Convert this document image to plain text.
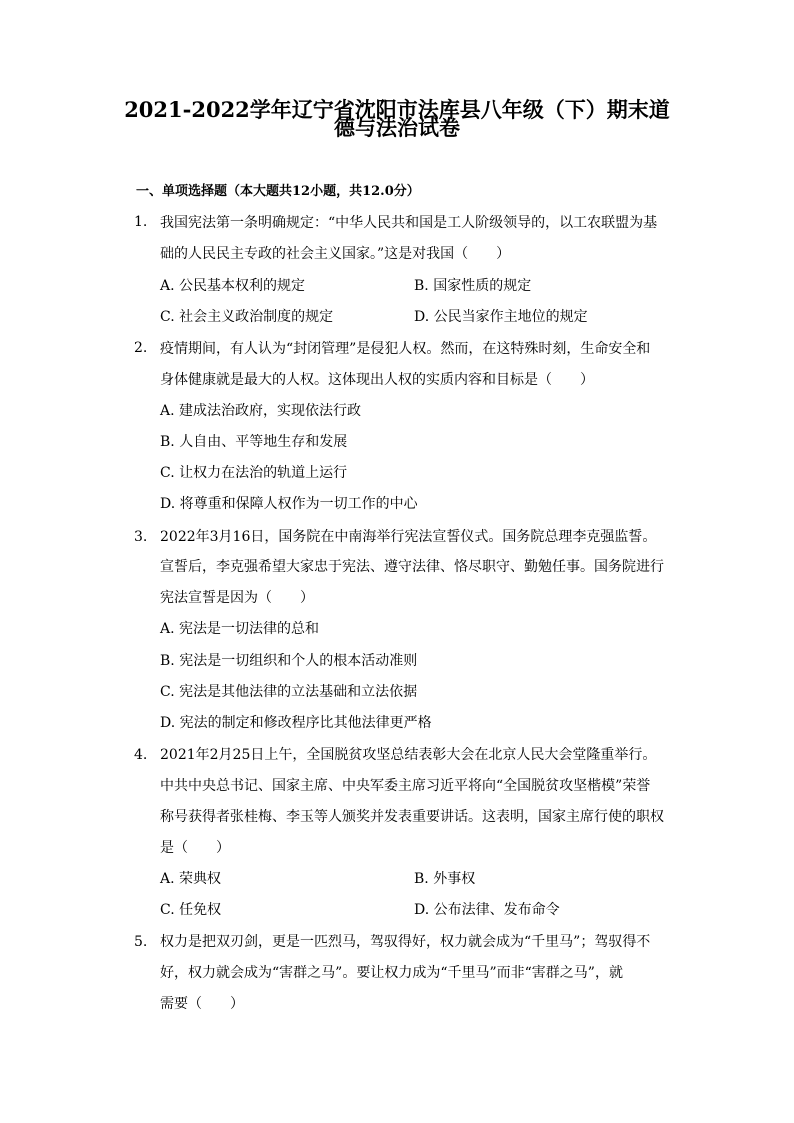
2021-2022学年辽宁省沈阳市法库县八年级（下）期末道
德与法治试卷
一、单项选择题（本大题共12小题，共12.0分）
1. 我国宪法第一条明确规定：“中华人民共和国是工人阶级领导的，以工农联盟为基
础的人民民主专政的社会主义国家。”这是对我国（　　）
A. 公民基本权利的规定	B. 国家性质的规定
C. 社会主义政治制度的规定	D. 公民当家作主地位的规定
2. 疫情期间，有人认为“封闭管理”是侵犯人权。然而，在这特殊时刻，生命安全和
身体健康就是最大的人权。这体现出人权的实质内容和目标是（　　）
A. 建成法治政府，实现依法行政
B. 人自由、平等地生存和发展
C. 让权力在法治的轨道上运行
D. 将尊重和保障人权作为一切工作的中心
3. 2022年3月16日，国务院在中南海举行宪法宣誓仪式。国务院总理李克强监誓。
宣誓后，李克强希望大家忠于宪法、遵守法律、恪尽职守、勤勉任事。国务院进行
宪法宣誓是因为（　　）
A. 宪法是一切法律的总和
B. 宪法是一切组织和个人的根本活动准则
C. 宪法是其他法律的立法基础和立法依据
D. 宪法的制定和修改程序比其他法律更严格
4. 2021年2月25日上午，全国脱贫攻坚总结表彰大会在北京人民大会堂隆重举行。
中共中央总书记、国家主席、中央军委主席习近平将向“全国脱贫攻坚楷模”荣誉
称号获得者张桂梅、李玉等人颁奖并发表重要讲话。这表明，国家主席行使的职权
是（　　）
A. 荣典权	B. 外事权
C. 任免权	D. 公布法律、发布命令
5. 权力是把双刃剑，更是一匹烈马，驾驭得好，权力就会成为“千里马”；驾驭得不
好，权力就会成为“害群之马”。要让权力成为“千里马”而非“害群之马”，就
需要（　　）
